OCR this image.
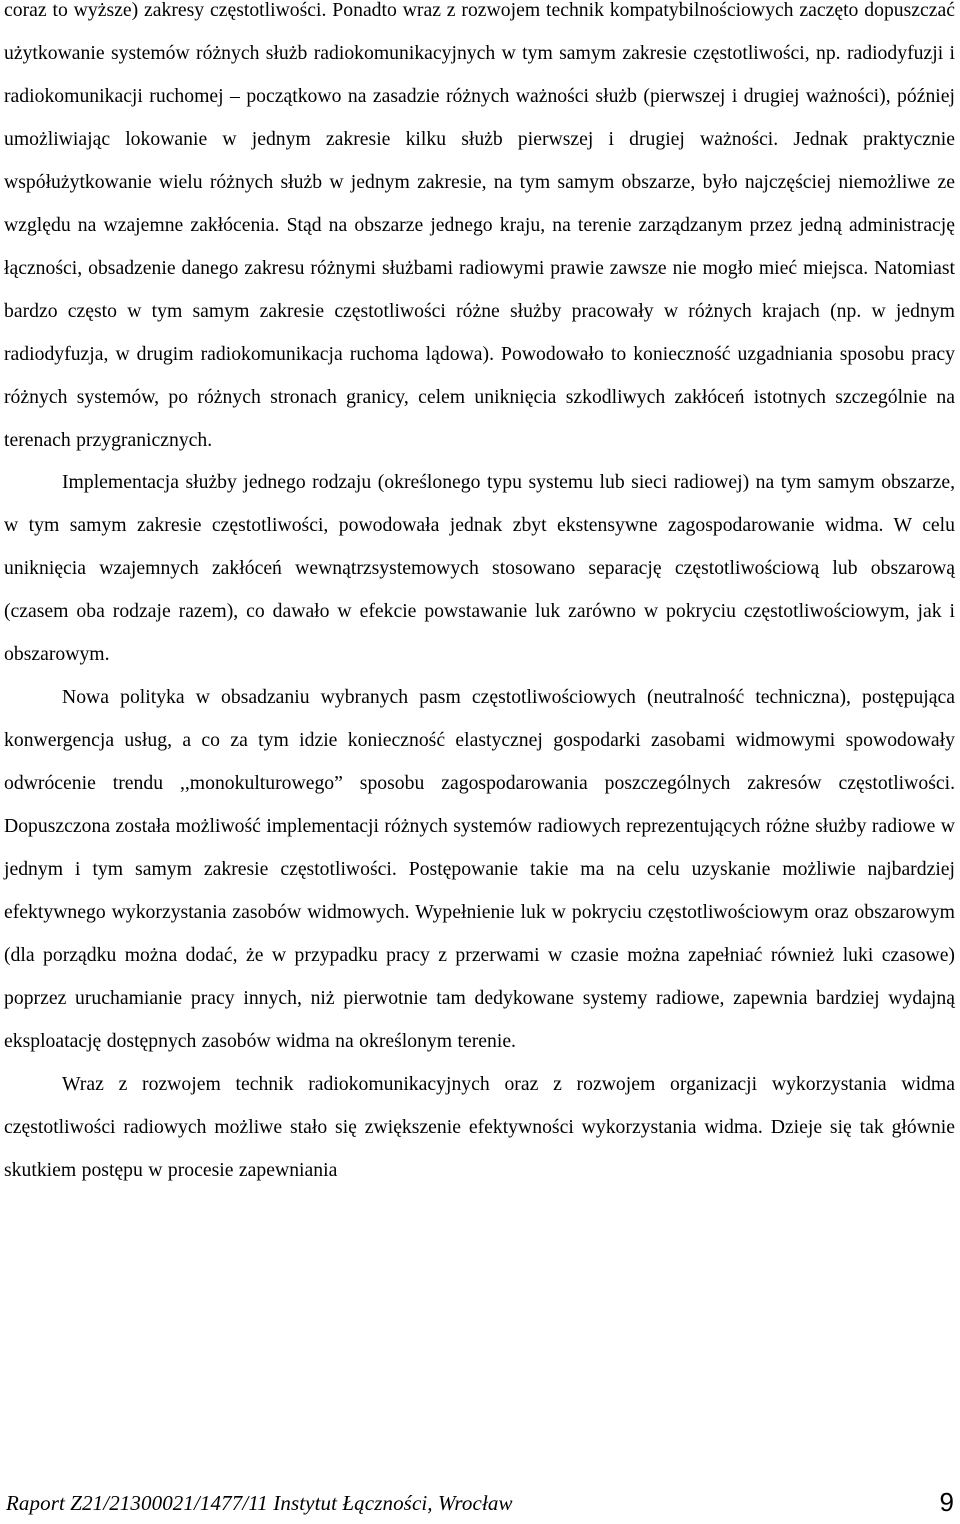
coraz to wyższe) zakresy częstotliwości. Ponadto wraz z rozwojem technik kompatybilnościowych zaczęto dopuszczać użytkowanie systemów różnych służb radiokomunikacyjnych w tym samym zakresie częstotliwości, np. radiodyfuzji i radiokomunikacji ruchomej – początkowo na zasadzie różnych ważności służb (pierwszej i drugiej ważności), później umożliwiając lokowanie w jednym zakresie kilku służb pierwszej i drugiej ważności. Jednak praktycznie współużytkowanie wielu różnych służb w jednym zakresie, na tym samym obszarze, było najczęściej niemożliwe ze względu na wzajemne zakłócenia. Stąd na obszarze jednego kraju, na terenie zarządzanym przez jedną administrację łączności, obsadzenie danego zakresu różnymi służbami radiowymi prawie zawsze nie mogło mieć miejsca. Natomiast bardzo często w tym samym zakresie częstotliwości różne służby pracowały w różnych krajach (np. w jednym radiodyfuzja, w drugim radiokomunikacja ruchoma lądowa). Powodowało to konieczność uzgadniania sposobu pracy różnych systemów, po różnych stronach granicy, celem uniknięcia szkodliwych zakłóceń istotnych szczególnie na terenach przygranicznych.

Implementacja służby jednego rodzaju (określonego typu systemu lub sieci radiowej) na tym samym obszarze, w tym samym zakresie częstotliwości, powodowała jednak zbyt ekstensywne zagospodarowanie widma. W celu uniknięcia wzajemnych zakłóceń wewnątrzsystemowych stosowano separację częstotliwościową lub obszarową (czasem oba rodzaje razem), co dawało w efekcie powstawanie luk zarówno w pokryciu częstotliwościowym, jak i obszarowym.

Nowa polityka w obsadzaniu wybranych pasm częstotliwościowych (neutralność techniczna), postępująca konwergencja usług, a co za tym idzie konieczność elastycznej gospodarki zasobami widmowymi spowodowały odwrócenie trendu ,,monokulturowego” sposobu zagospodarowania poszczególnych zakresów częstotliwości. Dopuszczona została możliwość implementacji różnych systemów radiowych reprezentujących różne służby radiowe w jednym i tym samym zakresie częstotliwości. Postępowanie takie ma na celu uzyskanie możliwie najbardziej efektywnego wykorzystania zasobów widmowych. Wypełnienie luk w pokryciu częstotliwościowym oraz obszarowym (dla porządku można dodać, że w przypadku pracy z przerwami w czasie można zapełniać również luki czasowe) poprzez uruchamianie pracy innych, niż pierwotnie tam dedykowane systemy radiowe, zapewnia bardziej wydajną eksploatację dostępnych zasobów widma na określonym terenie.

Wraz z rozwojem technik radiokomunikacyjnych oraz z rozwojem organizacji wykorzystania widma częstotliwości radiowych możliwe stało się zwiększenie efektywności wykorzystania widma. Dzieje się tak głównie skutkiem postępu w procesie zapewniania

Raport Z21/21300021/1477/11 Instytut Łączności, Wrocław	9
